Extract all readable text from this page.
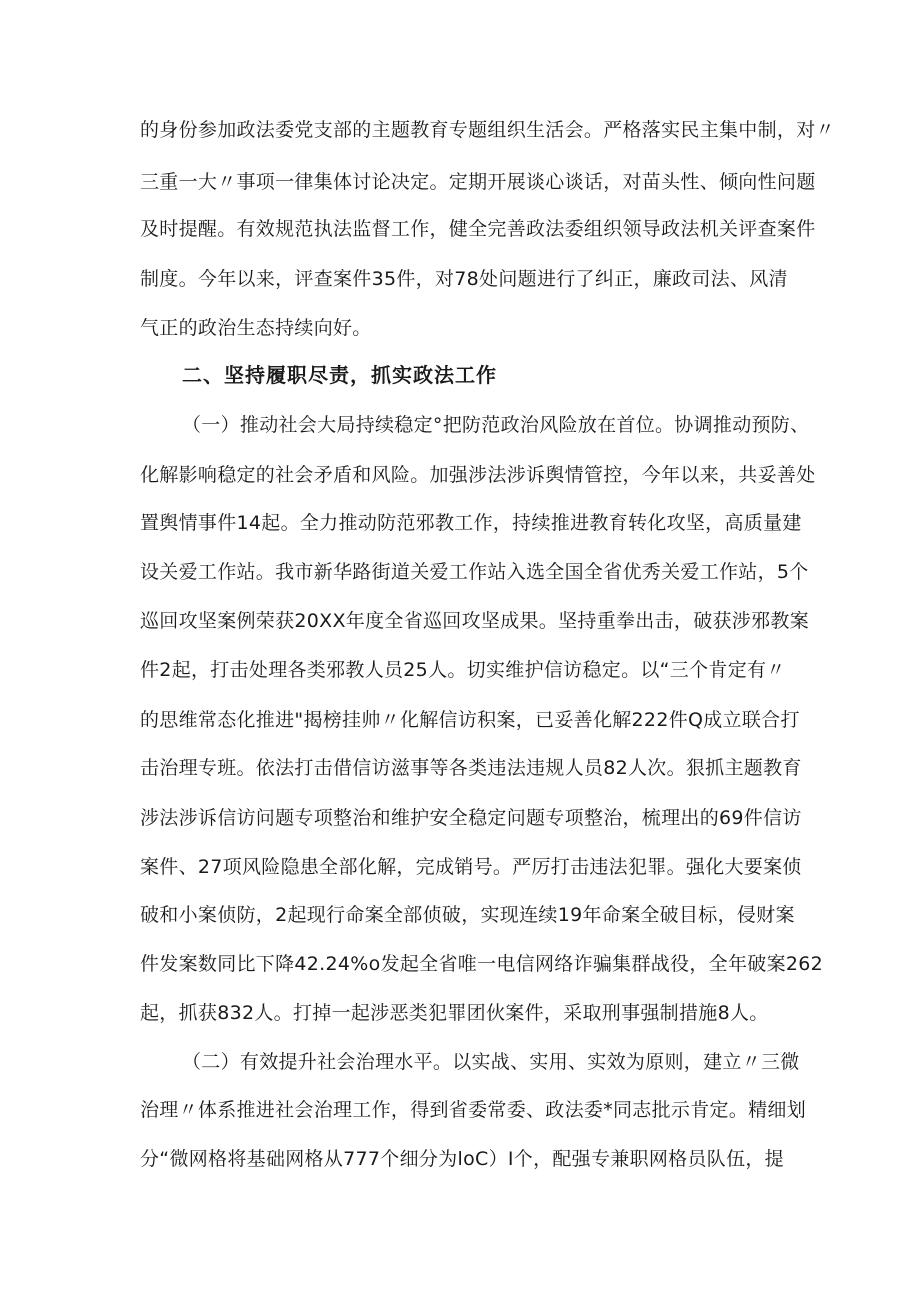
的身份参加政法委党支部的主题教育专题组织生活会。严格落实民主集中制，对〃
三重一大〃事项一律集体讨论决定。定期开展谈心谈话，对苗头性、倾向性问题
及时提醒。有效规范执法监督工作，健全完善政法委组织领导政法机关评查案件
制度。今年以来，评查案件35件，对78处问题进行了纠正，廉政司法、风清
气正的政治生态持续向好。
二、坚持履职尽责，抓实政法工作
（一）推动社会大局持续稳定°把防范政治风险放在首位。协调推动预防、
化解影响稳定的社会矛盾和风险。加强涉法涉诉舆情管控，今年以来，共妥善处
置舆情事件14起。全力推动防范邪教工作，持续推进教育转化攻坚，高质量建
设关爱工作站。我市新华路街道关爱工作站入选全国全省优秀关爱工作站，5个
巡回攻坚案例荣获20XX年度全省巡回攻坚成果。坚持重拳出击，破获涉邪教案
件2起，打击处理各类邪教人员25人。切实维护信访稳定。以“三个肯定有〃
的思维常态化推进"揭榜挂帅〃化解信访积案，已妥善化解222件Q成立联合打
击治理专班。依法打击借信访滋事等各类违法违规人员82人次。狠抓主题教育
涉法涉诉信访问题专项整治和维护安全稳定问题专项整治，梳理出的69件信访
案件、27项风险隐患全部化解，完成销号。严厉打击违法犯罪。强化大要案侦
破和小案侦防，2起现行命案全部侦破，实现连续19年命案全破目标，侵财案
件发案数同比下降42.24%o发起全省唯一电信网络诈骗集群战役，全年破案262
起，抓获832人。打掉一起涉恶类犯罪团伙案件，采取刑事强制措施8人。
（二）有效提升社会治理水平。以实战、实用、实效为原则，建立〃三微
治理〃体系推进社会治理工作，得到省委常委、政法委*同志批示肯定。精细划
分“微网格将基础网格从777个细分为loC）I个，配强专兼职网格员队伍，提
